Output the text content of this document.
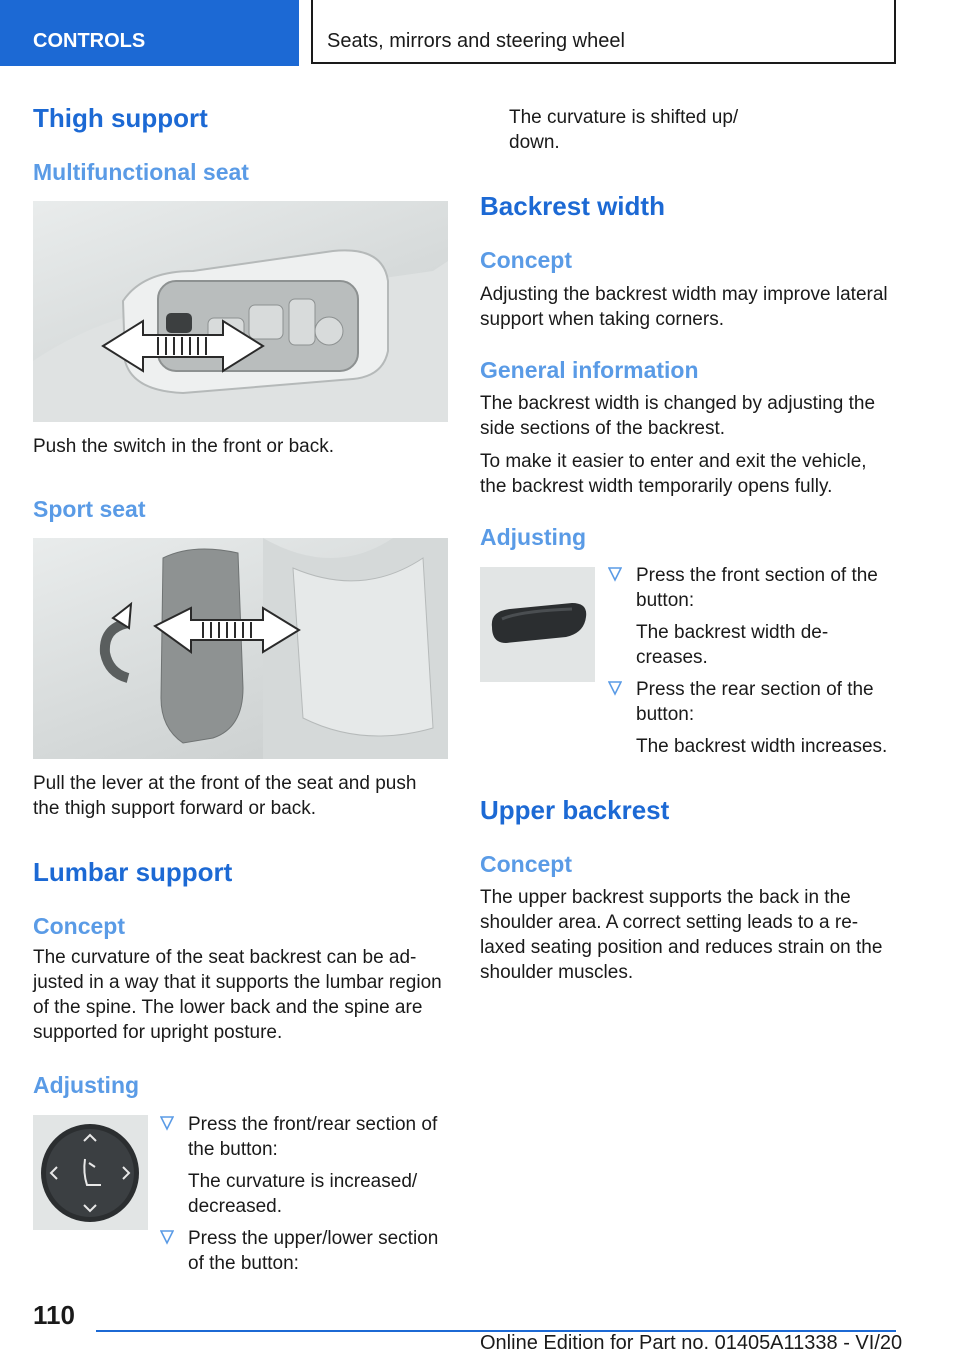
CONTROLS	Seats, mirrors and steering wheel
Thigh support
Multifunctional seat

Push the switch in the front or back.

Sport seat

Pull the lever at the front of the seat and push

the thigh support forward or back.

Lumbar support
Concept

The curvature of the seat backrest can be ad‐

justed in a way that it supports the lumbar region

of the spine. The lower back and the spine are

supported for upright posture.

Adjusting

Press the front/rear section of

the button:

The curvature is increased/

decreased.

Press the upper/lower section

of the button:

The curvature is shifted up/

down.

Backrest width
Concept

Adjusting the backrest width may improve lateral

support when taking corners.

General information

The backrest width is changed by adjusting the

side sections of the backrest.

To make it easier to enter and exit the vehicle,

the backrest width temporarily opens fully.

Adjusting

Press the front section of the

button:

The backrest width de‐

creases.

Press the rear section of the

button:

The backrest width increases.

Upper backrest
Concept

The upper backrest supports the back in the

shoulder area. A correct setting leads to a re‐

laxed seating position and reduces strain on the

shoulder muscles.

110
Online Edition for Part no. 01405A11338 - VI/20
